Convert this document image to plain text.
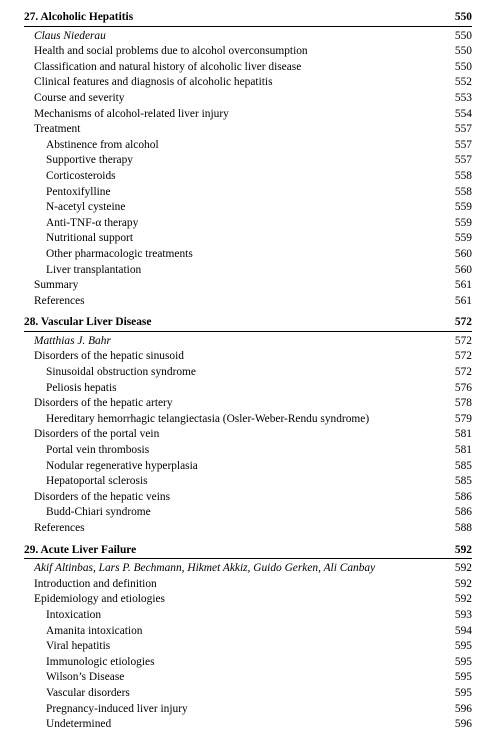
27. Alcoholic Hepatitis	550
Claus Niederau	550
Health and social problems due to alcohol overconsumption	550
Classification and natural history of alcoholic liver disease	550
Clinical features and diagnosis of alcoholic hepatitis	552
Course and severity	553
Mechanisms of alcohol-related liver injury	554
Treatment	557
Abstinence from alcohol	557
Supportive therapy	557
Corticosteroids	558
Pentoxifylline	558
N-acetyl cysteine	559
Anti-TNF-α therapy	559
Nutritional support	559
Other pharmacologic treatments	560
Liver transplantation	560
Summary	561
References	561
28. Vascular Liver Disease	572
Matthias J. Bahr	572
Disorders of the hepatic sinusoid	572
Sinusoidal obstruction syndrome	572
Peliosis hepatis	576
Disorders of the hepatic artery	578
Hereditary hemorrhagic telangiectasia (Osler-Weber-Rendu syndrome)	579
Disorders of the portal vein	581
Portal vein thrombosis	581
Nodular regenerative hyperplasia	585
Hepatoportal sclerosis	585
Disorders of the hepatic veins	586
Budd-Chiari syndrome	586
References	588
29. Acute Liver Failure	592
Akif Altinbas, Lars P. Bechmann, Hikmet Akkiz, Guido Gerken, Ali Canbay	592
Introduction and definition	592
Epidemiology and etiologies	592
Intoxication	593
Amanita intoxication	594
Viral hepatitis	595
Immunologic etiologies	595
Wilson’s Disease	595
Vascular disorders	595
Pregnancy-induced liver injury	596
Undetermined	596
